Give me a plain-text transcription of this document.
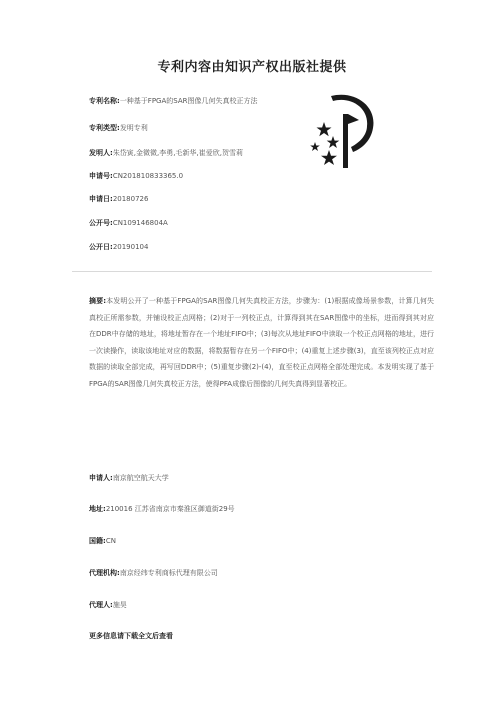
专利内容由知识产权出版社提供
专利名称:一种基于FPGA的SAR图像几何失真校正方法
专利类型:发明专利
发明人:朱岱寅,金微微,李勇,毛新华,崔爱欣,贺雪莉
申请号:CN201810833365.0
申请日:20180726
公开号:CN109146804A
公开日:20190104
摘要:本发明公开了一种基于FPGA的SAR图像几何失真校正方法，步骤为：(1)根据成像场景参数，计算几何失真校正所需参数，并铺设校正点网格；(2)对于一列校正点，计算得到其在SAR图像中的坐标，进而得到其对应在DDR中存储的地址，将地址暂存在一个地址FIFO中；(3)每次从地址FIFO中读取一个校正点网格的地址，进行一次读操作，读取该地址对应的数据，将数据暂存在另一个FIFO中；(4)重复上述步骤(3)，直至该列校正点对应数据的读取全部完成，再写回DDR中；(5)重复步骤(2)-(4)，直至校正点网格全部处理完成。本发明实现了基于FPGA的SAR图像几何失真校正方法，使得PFA成像后图像的几何失真得到显著校正。
申请人:南京航空航天大学
地址:210016 江苏省南京市秦淮区御道街29号
国籍:CN
代理机构:南京经纬专利商标代理有限公司
代理人:施昊
更多信息请下载全文后查看
